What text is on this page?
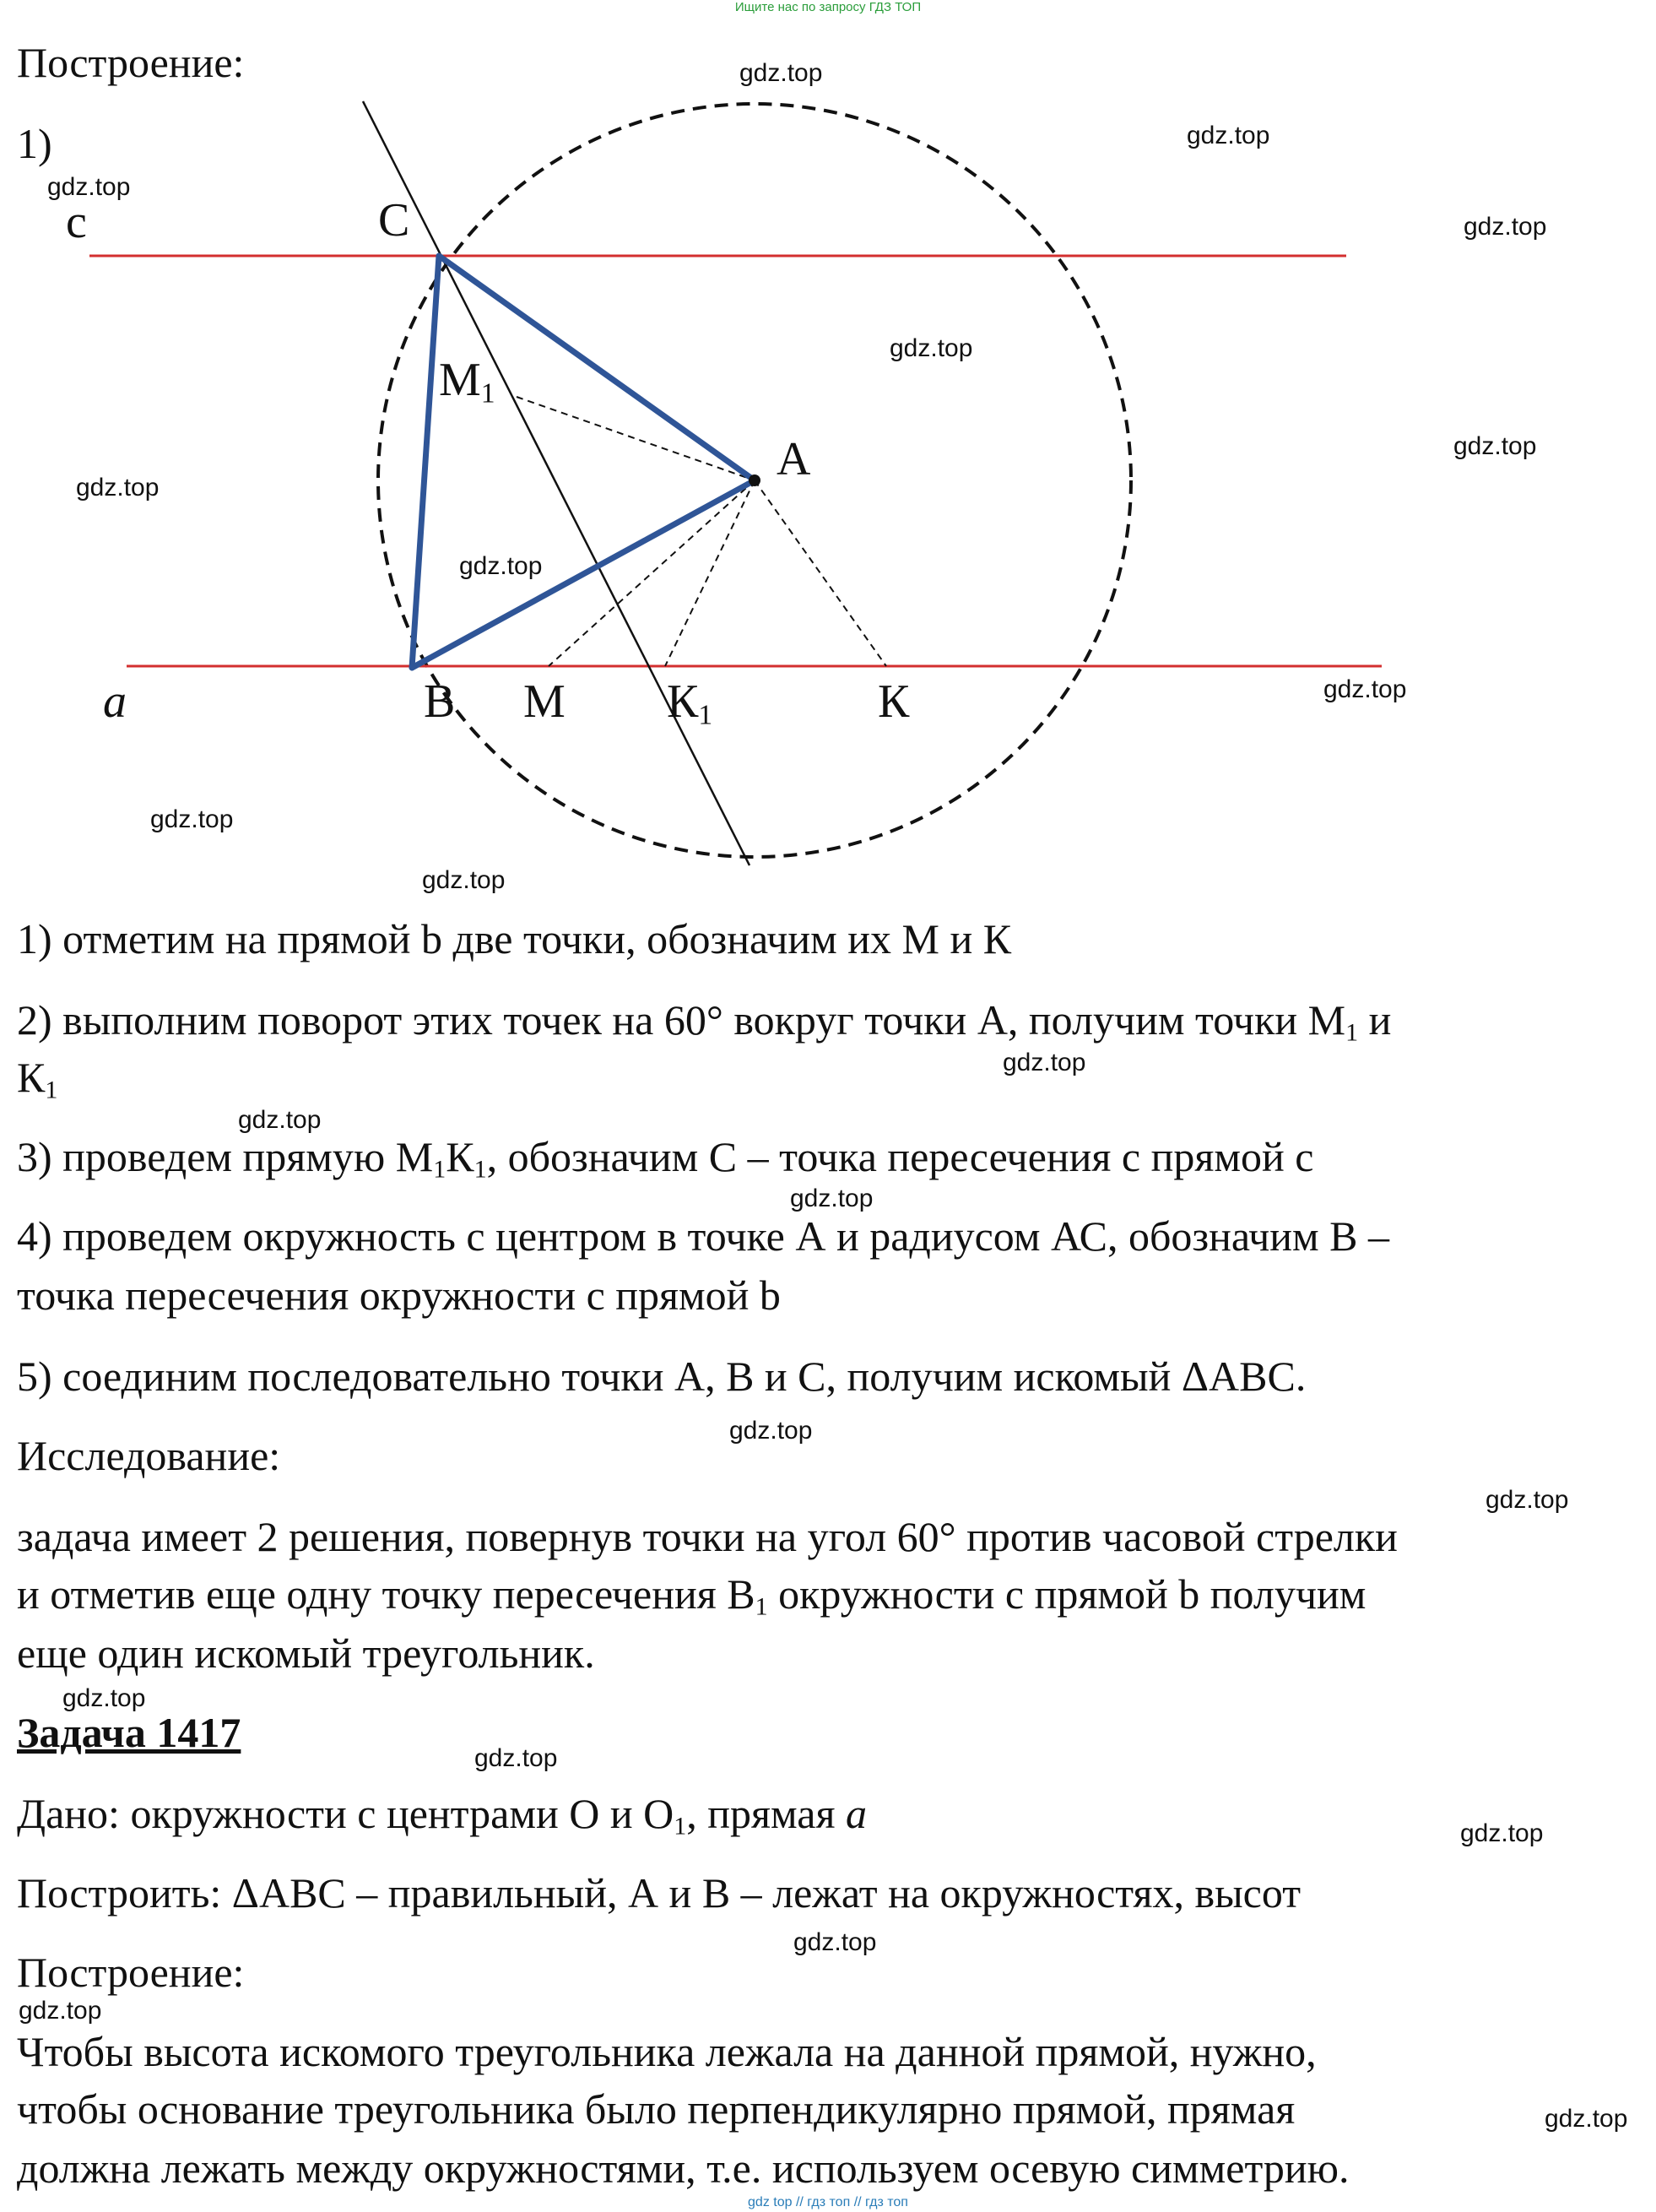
Ищите нас по запросу ГДЗ ТОП
Построение:
1)
c	C
$M_1$
A
a	B M $К_1$	К
1) отметим на прямой b две точки, обозначим их М и К
2) выполним поворот этих точек на 60° вокруг точки А, получим точки $М_1$ и
$К_1$
3) проведем прямую $М_1К_1$, обозначим С – точка пересечения с прямой с
4) проведем окружность с центром в точке А и радиусом АС, обозначим В –
точка пересечения окружности с прямой b
5) соединим последовательно точки А, В и С, получим искомый ΔАВС.
Исследование:
задача имеет 2 решения, повернув точки на угол 60° против часовой стрелки
и отметив еще одну точку пересечения $В_1$ окружности с прямой b получим
еще один искомый треугольник.
Задача 1417
Дано: окружности с центрами О и $О_1$, прямая a
Построить: ΔАВС – правильный, А и В – лежат на окружностях, высот
Построение:
Чтобы высота искомого треугольника лежала на данной прямой, нужно,
чтобы основание треугольника было перпендикулярно прямой, прямая
должна лежать между окружностями, т.е. используем осевую симметрию.
gdz.top
gdz.top
gdz.top
gdz.top
gdz.top
gdz.top
gdz.top
gdz.top
gdz.top
gdz.top
gdz.top
gdz.top
gdz.top
gdz.top
gdz.top
gdz.top
gdz.top
gdz.top
gdz.top
gdz.top
gdz.top
gdz.top
gdz top // гдз топ // гдз топ
